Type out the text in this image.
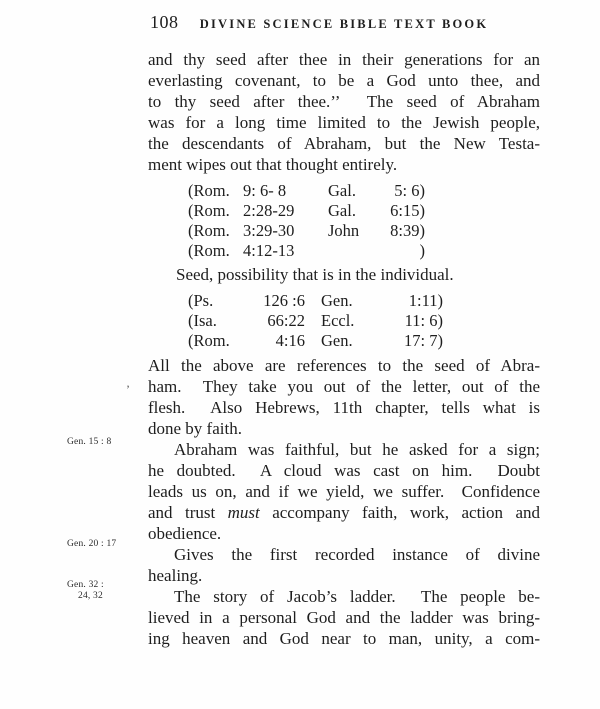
108	DIVINE SCIENCE BIBLE TEXT BOOK
’
Gen. 15 : 8
Gen. 20 : 17
Gen. 32 :
24, 32
and thy seed after thee in their generations for an
everlasting covenant, to be a God unto thee, and
to thy seed after thee.’’  The seed of Abraham
was for a long time limited to the Jewish people,
the descendants of Abraham, but the New Testa-
ment wipes out that thought entirely.
(Rom. 9: 6- 8	Gal.	5: 6)
(Rom. 2:28-29	Gal.	6:15)
(Rom. 3:29-30	John	8:39)
(Rom. 4:12-13	)
Seed, possibility that is in the individual.
(Ps.	126 :6 Gen.	1:11)
(Isa.	66:22 Eccl.	11: 6)
(Rom.	4:16 Gen.	17: 7)
All the above are references to the seed of Abra-
ham.  They take you out of the letter, out of the
flesh.  Also Hebrews, 11th chapter, tells what is
done by faith.
Abraham was faithful, but he asked for a sign;
he doubted.  A cloud was cast on him.  Doubt
leads us on, and if we yield, we suffer.  Confidence
and trust must accompany faith, work, action and
obedience.
Gives the first recorded instance of divine
healing.
The story of Jacob’s ladder.  The people be-
lieved in a personal God and the ladder was bring-
ing heaven and God near to man, unity, a com-
